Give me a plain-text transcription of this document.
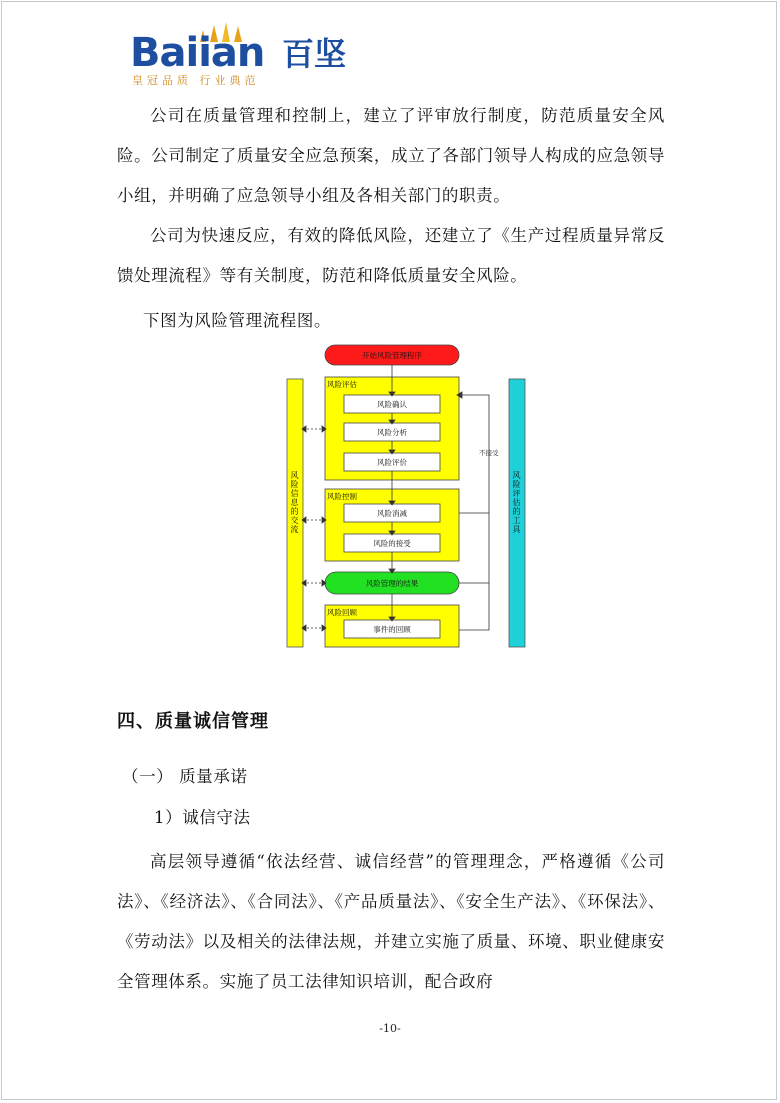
Baiian 百坚
皇冠品质 行业典范
公司在质量管理和控制上，建立了评审放行制度，防范质量安全风险。公司制定了质量安全应急预案，成立了各部门领导人构成的应急领导小组，并明确了应急领导小组及各相关部门的职责。
公司为快速反应，有效的降低风险，还建立了《生产过程质量异常反馈处理流程》等有关制度，防范和降低质量安全风险。
下图为风险管理流程图。
开始风险管理程序
风险评估
风险确认
风险分析
风险评价
风险控制
风险消减
风险的接受
风险管理的结果
风险回顾
事件的回顾
不接受
风险信息的交流	风险评估的工具
四、质量诚信管理
（一） 质量承诺
1）诚信守法
高层领导遵循“依法经营、诚信经营”的管理理念，严格遵循《公司法》、《经济法》、《合同法》、《产品质量法》、《安全生产法》、《环保法》、《劳动法》以及相关的法律法规，并建立实施了质量、环境、职业健康安全管理体系。实施了员工法律知识培训，配合政府
-10-
